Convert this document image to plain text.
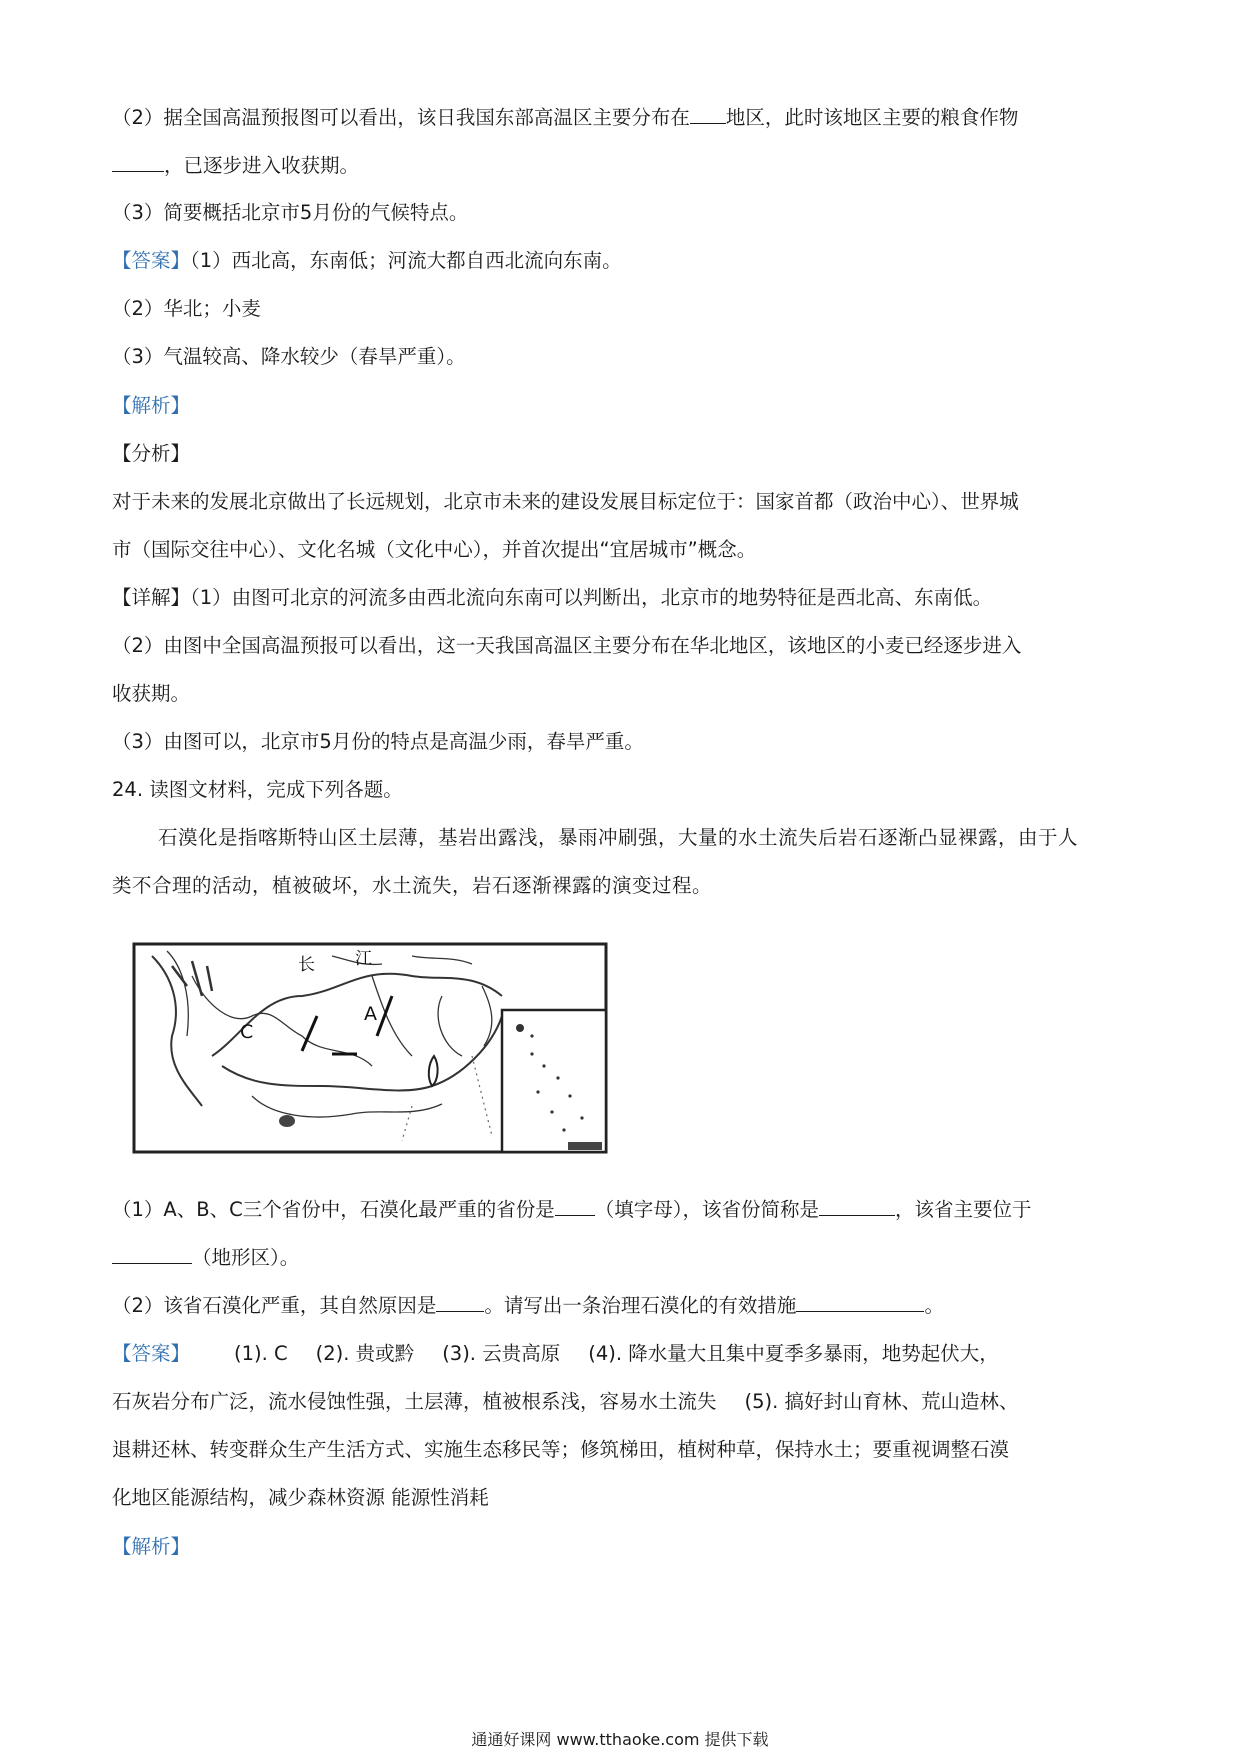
（2）据全国高温预报图可以看出，该日我国东部高温区主要分布在 地区，此时该地区主要的粮食作物
，已逐步进入收获期。
（3）简要概括北京市5月份的气候特点。
【答案】（1）西北高，东南低；河流大都自西北流向东南。
（2）华北；小麦
（3）气温较高、降水较少（春旱严重）。
【解析】
【分析】
对于未来的发展北京做出了长远规划，北京市未来的建设发展目标定位于：国家首都（政治中心）、世界城
市（国际交往中心）、文化名城（文化中心），并首次提出“宜居城市”概念。
【详解】（1）由图可北京的河流多由西北流向东南可以判断出，北京市的地势特征是西北高、东南低。
（2）由图中全国高温预报可以看出，这一天我国高温区主要分布在华北地区，该地区的小麦已经逐步进入
收获期。
（3）由图可以，北京市5月份的特点是高温少雨，春旱严重。
24. 读图文材料，完成下列各题。
石漠化是指喀斯特山区土层薄，基岩出露浅，暴雨冲刷强，大量的水土流失后岩石逐渐凸显裸露，由于人
类不合理的活动，植被破坏，水土流失，岩石逐渐裸露的演变过程。
C
A
长 江
（1）A、B、C三个省份中，石漠化最严重的省份是 （填字母），该省份简称是	，该省主要位于
（地形区）。
（2）该省石漠化严重，其自然原因是 。请写出一条治理石漠化的有效措施	。
【答案】 (1). C (2). 贵或黔 (3). 云贵高原 (4). 降水量大且集中夏季多暴雨，地势起伏大，
石灰岩分布广泛，流水侵蚀性强，土层薄，植被根系浅，容易水土流失 (5). 搞好封山育林、荒山造林、
退耕还林、转变群众生产生活方式、实施生态移民等；修筑梯田，植树种草，保持水土；要重视调整石漠
化地区能源结构，减少森林资源 能源性消耗
【解析】
通通好课网 www.tthaoke.com 提供下载
